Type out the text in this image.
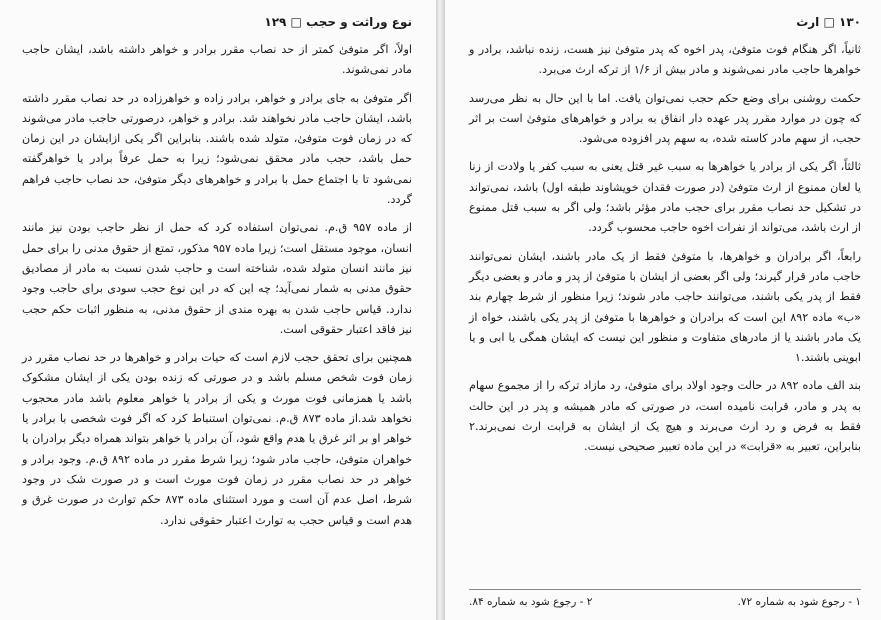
نوع وراثت و حجب □ ۱۲۹

اولاً، اگر متوفیٰ کمتر از حد نصاب مقرر برادر و خواهر داشته باشد، ایشان حاجب مادر نمی‌شوند.

اگر متوفیٰ به جای برادر و خواهر، برادر زاده و خواهرزاده در حد نصاب مقرر داشته باشد، ایشان حاجب مادر نخواهند شد. برادر و خواهر، درصورتی حاجب مادر می‌شوند که در زمان فوت متوفیٰ، متولد شده باشند. بنابراین اگر یکی ازایشان در این زمان حمل باشد، حجب مادر محقق نمی‌شود؛ زیرا به حمل عرفاً برادر یا خواهرگفته نمی‌شود تا با اجتماع حمل با برادر و خواهرهای دیگر متوفیٰ، حد نصاب حاجب فراهم گردد.

از ماده ۹۵۷ ق.م. نمی‌توان استفاده کرد که حمل از نظر حاجب بودن نیز مانند انسان، موجود مستقل است؛ زیرا ماده ۹۵۷ مذکور، تمتع از حقوق مدنی را برای حمل نیز مانند انسان متولد شده، شناخته است و حاجب شدن نسبت به مادر از مصادیق حقوق مدنی به شمار نمی‌آید؛ چه این که در این نوع حجب سودی برای حاجب وجود ندارد. قیاس حاجب شدن به بهره مندی از حقوق مدنی، به منظور اثبات حکم حجب نیز فاقد اعتبار حقوقی است.

همچنین برای تحقق حجب لازم است که حیات برادر و خواهرها در حد نصاب مقرر در زمان فوت شخص مسلم باشد و در صورتی که زنده بودن یکی از ایشان مشکوک باشد یا همزمانی فوت مورث و یکی از برادر یا خواهر معلوم باشد مادر محجوب نخواهد شد.از ماده ۸۷۳ ق.م. نمی‌توان استنباط کرد که اگر فوت شخصی با برادر یا خواهر او بر اثر غرق یا هدم واقع شود، آن برادر یا خواهر بتواند همراه دیگر برادران یا خواهران متوفیٰ، حاجب مادر شود؛ زیرا شرط مقرر در ماده ۸۹۲ ق.م. وجود برادر و خواهر در حد نصاب مقرر در زمان فوت مورث است و در صورت شک در وجود شرط، اصل عدم آن است و مورد استثنای ماده ۸۷۳ حکم توارث در صورت غرق و هدم است و قیاس حجب به توارث اعتبار حقوقی ندارد.

۱۳۰ □ ارث

ثانیاً، اگر هنگام فوت متوفیٰ، پدر اخوه که پدر متوفیٰ نیز هست، زنده نباشد، برادر و خواهرها حاجب مادر نمی‌شوند و مادر بیش از ۱/۶ از ترکه ارث می‌برد.

حکمت روشنی برای وضع حکم حجب نمی‌توان یافت. اما با این حال به نظر می‌رسد که چون در موارد مقرر پدر عهده دار انفاق به برادر و خواهرهای متوفیٰ است بر اثر حجب، از سهم مادر کاسته شده، به سهم پدر افزوده می‌شود.

ثالثاً، اگر یکی از برادر یا خواهرها به سبب غیر قتل یعنی به سبب کفر یا ولادت از زنا یا لعان ممنوع از ارث متوفیٰ (در صورت فقدان خویشاوند طبقه اول) باشد، نمی‌تواند در تشکیل حد نصاب مقرر برای حجب مادر مؤثر باشد؛ ولی اگر به سبب قتل ممنوع از ارث باشد، می‌تواند از نفرات اخوه حاجب محسوب گردد.

رابعاً، اگر برادران و خواهرها، با متوفیٰ فقط از یک مادر باشند، ایشان نمی‌توانند حاجب مادر قرار گیرند؛ ولی اگر بعضی از ایشان با متوفیٰ از پدر و مادر و بعضی دیگر فقط از پدر یکی باشند، می‌توانند حاجب مادر شوند؛ زیرا منظور از شرط چهارم بند «ب» ماده ۸۹۲ این است که برادران و خواهرها با متوفیٰ از پدر یکی باشند، خواه از یک مادر باشند یا از مادرهای متفاوت و منظور این نیست که ایشان همگی یا ابی و یا ابوینی باشند.۱

بند الف ماده ۸۹۲ در حالت وجود اولاد برای متوفیٰ، رد مازاد ترکه را از مجموع سهام به پدر و مادر، قرابت نامیده است، در صورتی که مادر همیشه و پدر در این حالت فقط به فرض و رد ارث می‌برند و هیچ یک از ایشان به قرابت ارث نمی‌برند.۲ بنابراین، تعبیر به «قرابت» در این ماده تعبیر صحیحی نیست.

۱ - رجوع شود به شماره ۷۲.
۲ - رجوع شود به شماره ۸۴.
